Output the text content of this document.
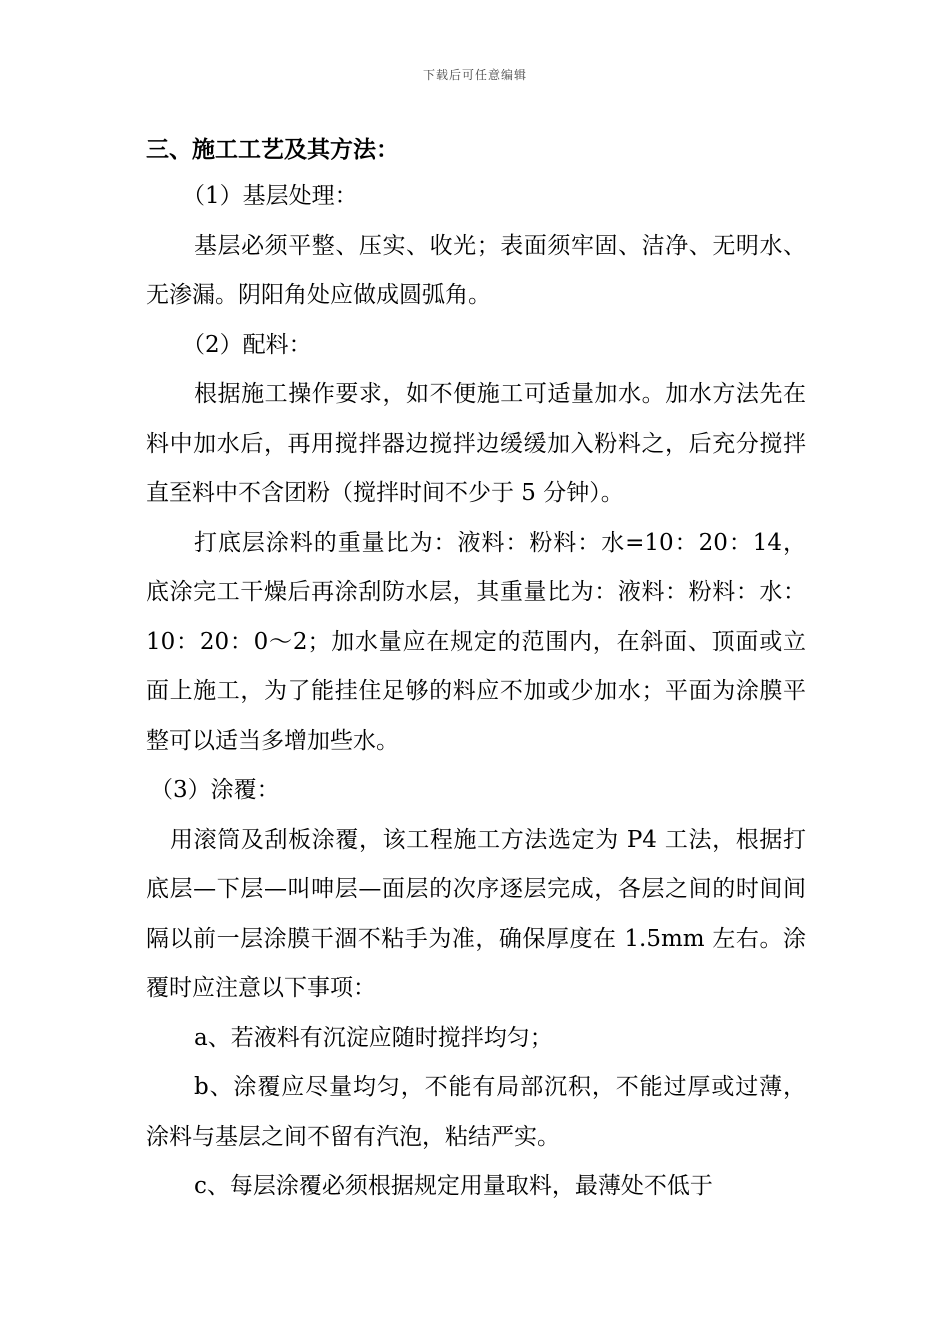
下载后可任意编辑
三、施工工艺及其方法：

（1）基层处理：

基层必须平整、压实、收光；表面须牢固、洁净、无明水、无渗漏。阴阳角处应做成圆弧角。

（2）配料：

根据施工操作要求，如不便施工可适量加水。加水方法先在料中加水后，再用搅拌器边搅拌边缓缓加入粉料之，后充分搅拌直至料中不含团粉（搅拌时间不少于 5 分钟）。

打底层涂料的重量比为：液料：粉料：水=10：20：14，底涂完工干燥后再涂刮防水层，其重量比为：液料：粉料：水：10：20：0～2；加水量应在规定的范围内，在斜面、顶面或立面上施工，为了能挂住足够的料应不加或少加水；平面为涂膜平整可以适当多增加些水。

（3）涂覆：

用滚筒及刮板涂覆，该工程施工方法选定为 P4 工法，根据打底层—下层—叫呻层—面层的次序逐层完成，各层之间的时间间隔以前一层涂膜干涸不粘手为准，确保厚度在 1.5mm 左右。涂覆时应注意以下事项：

a、若液料有沉淀应随时搅拌均匀；

b、涂覆应尽量均匀，不能有局部沉积，不能过厚或过薄，涂料与基层之间不留有汽泡，粘结严实。

c、每层涂覆必须根据规定用量取料，最薄处不低于
